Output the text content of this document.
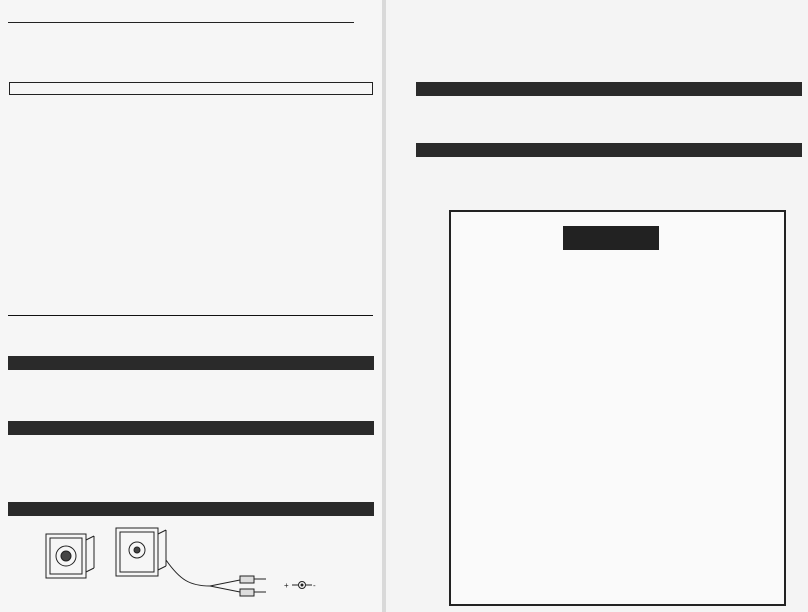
+	-
